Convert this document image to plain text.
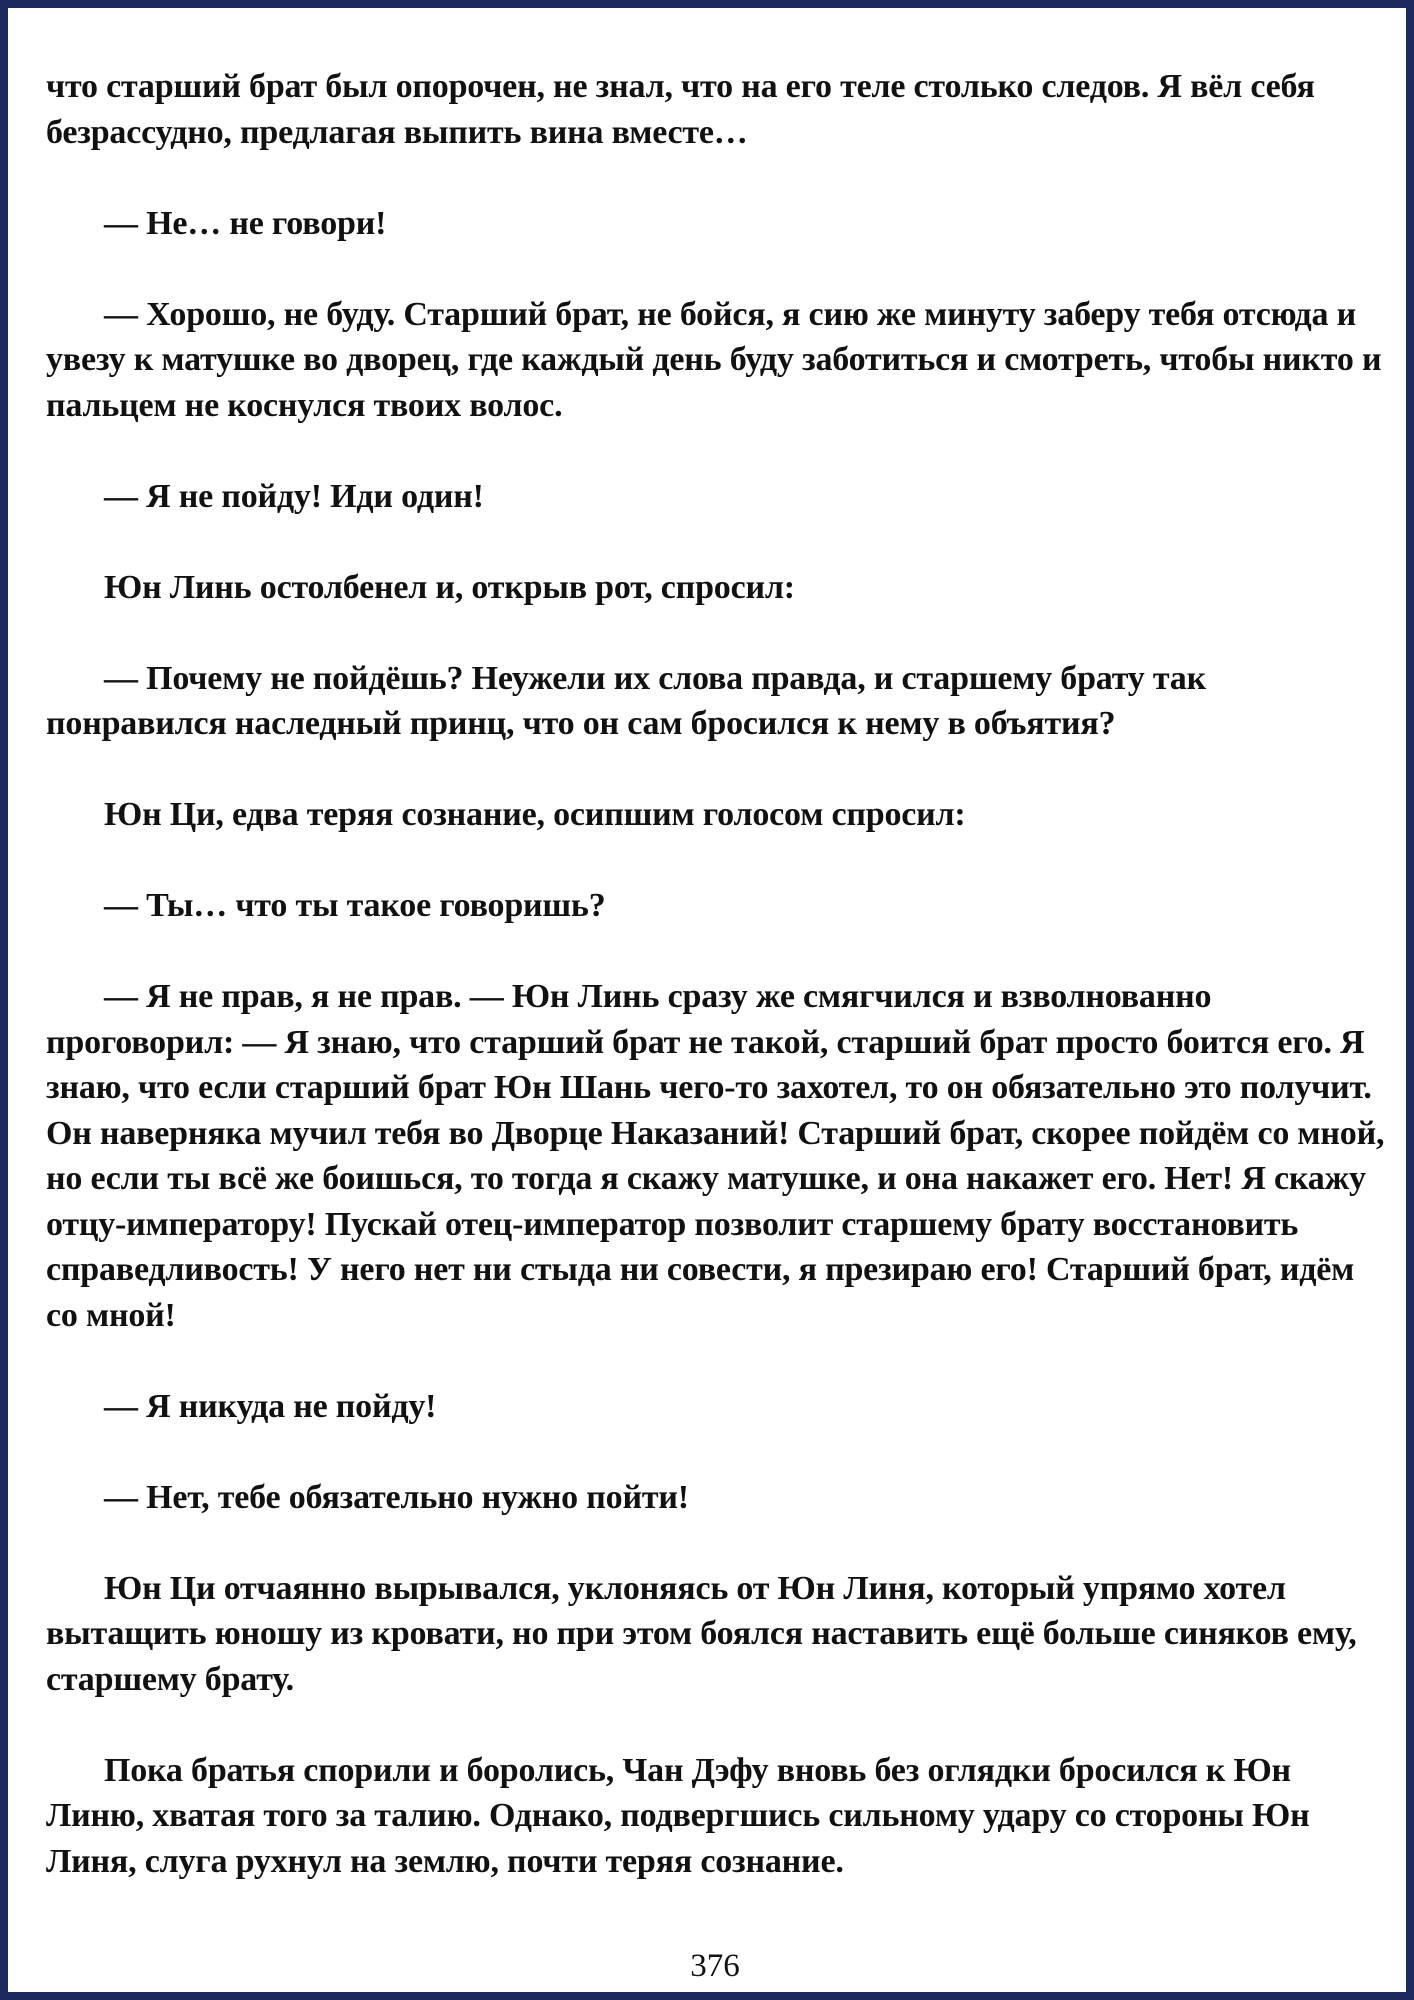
что старший брат был опорочен, не знал, что на его теле столько следов. Я вёл себя безрассудно, предлагая выпить вина вместе…

— Не… не говори!

— Хорошо, не буду. Старший брат, не бойся, я сию же минуту заберу тебя отсюда и увезу к матушке во дворец, где каждый день буду заботиться и смотреть, чтобы никто и пальцем не коснулся твоих волос.

— Я не пойду! Иди один!

Юн Линь остолбенел и, открыв рот, спросил:

— Почему не пойдёшь? Неужели их слова правда, и старшему брату так понравился наследный принц, что он сам бросился к нему в объятия?

Юн Ци, едва теряя сознание, осипшим голосом спросил:

— Ты… что ты такое говоришь?

— Я не прав, я не прав. — Юн Линь сразу же смягчился и взволнованно проговорил: — Я знаю, что старший брат не такой, старший брат просто боится его. Я знаю, что если старший брат Юн Шань чего-то захотел, то он обязательно это получит. Он наверняка мучил тебя во Дворце Наказаний! Старший брат, скорее пойдём со мной, но если ты всё же боишься, то тогда я скажу матушке, и она накажет его. Нет! Я скажу отцу-императору! Пускай отец-император позволит старшему брату восстановить справедливость! У него нет ни стыда ни совести, я презираю его! Старший брат, идём со мной!

— Я никуда не пойду!

— Нет, тебе обязательно нужно пойти!

Юн Ци отчаянно вырывался, уклоняясь от Юн Линя, который упрямо хотел вытащить юношу из кровати, но при этом боялся наставить ещё больше синяков ему, старшему брату.

Пока братья спорили и боролись, Чан Дэфу вновь без оглядки бросился к Юн Линю, хватая того за талию. Однако, подвергшись сильному удару со стороны Юн Линя, слуга рухнул на землю, почти теряя сознание.

376
